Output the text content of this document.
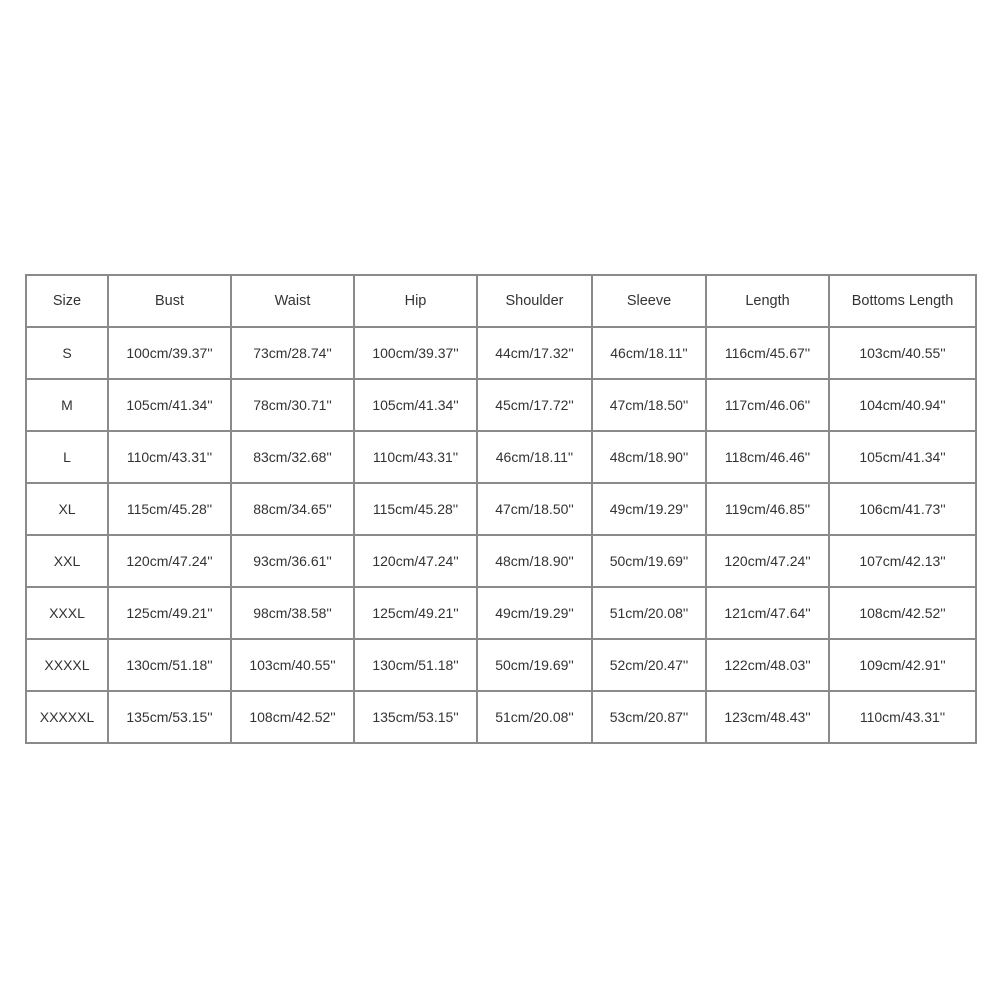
Size	Bust	Waist	Hip	Shoulder	Sleeve	Length	Bottoms Length
S	100cm/39.37''	73cm/28.74''	100cm/39.37''	44cm/17.32''	46cm/18.11''	116cm/45.67''	103cm/40.55''
M	105cm/41.34''	78cm/30.71''	105cm/41.34''	45cm/17.72''	47cm/18.50''	117cm/46.06''	104cm/40.94''
L	110cm/43.31''	83cm/32.68''	110cm/43.31''	46cm/18.11''	48cm/18.90''	118cm/46.46''	105cm/41.34''
XL	115cm/45.28''	88cm/34.65''	115cm/45.28''	47cm/18.50''	49cm/19.29''	119cm/46.85''	106cm/41.73''
XXL	120cm/47.24''	93cm/36.61''	120cm/47.24''	48cm/18.90''	50cm/19.69''	120cm/47.24''	107cm/42.13''
XXXL	125cm/49.21''	98cm/38.58''	125cm/49.21''	49cm/19.29''	51cm/20.08''	121cm/47.64''	108cm/42.52''
XXXXL	130cm/51.18''	103cm/40.55''	130cm/51.18''	50cm/19.69''	52cm/20.47''	122cm/48.03''	109cm/42.91''
XXXXXL	135cm/53.15''	108cm/42.52''	135cm/53.15''	51cm/20.08''	53cm/20.87''	123cm/48.43''	110cm/43.31''
